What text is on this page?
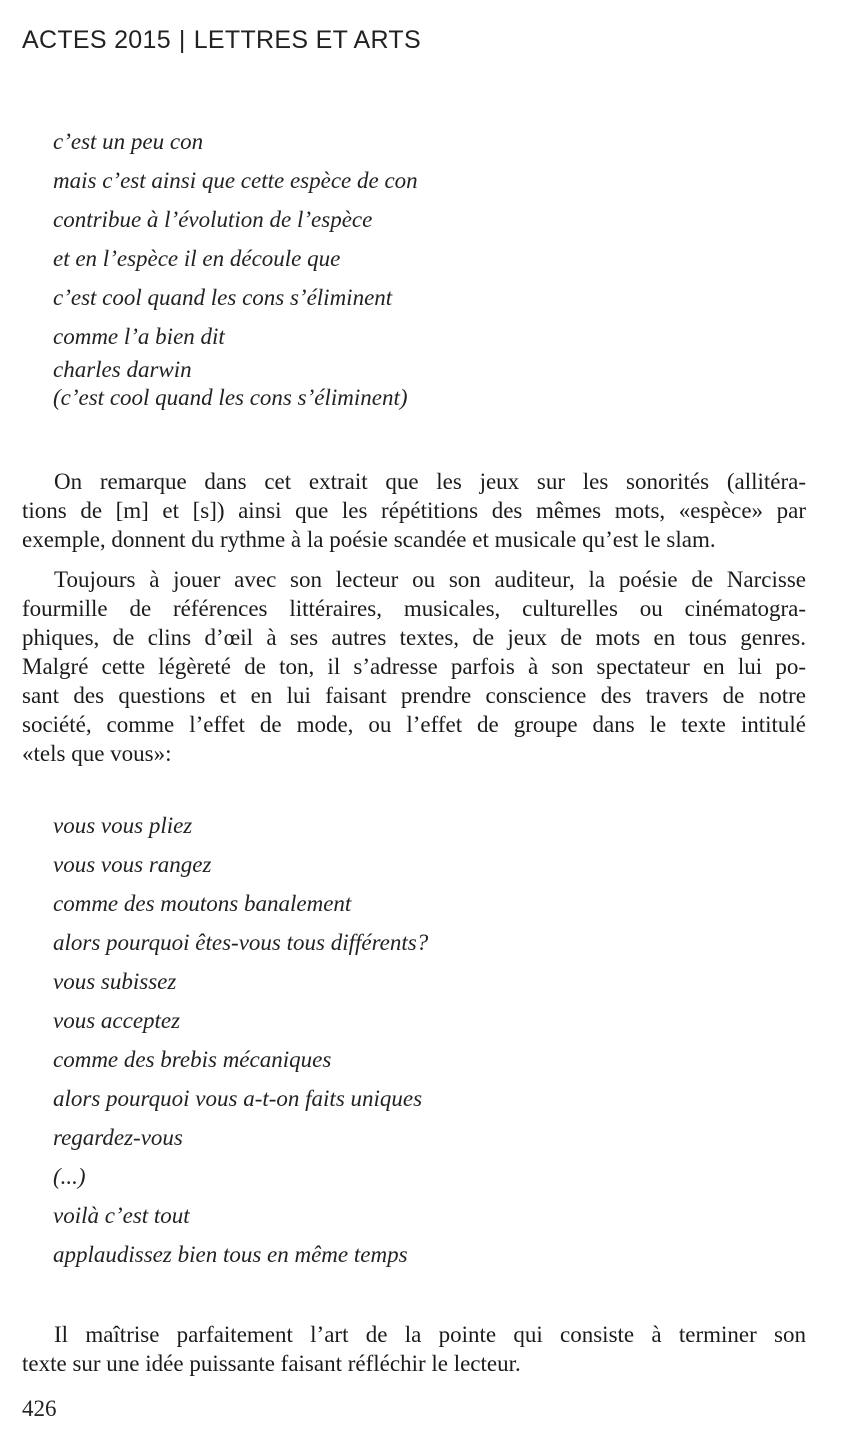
ACTES 2015 | LETTRES ET ARTS
c’est un peu con
mais c’est ainsi que cette espèce de con
contribue à l’évolution de l’espèce
et en l’espèce il en découle que
c’est cool quand les cons s’éliminent
comme l’a bien dit
charles darwin
(c’est cool quand les cons s’éliminent)
On remarque dans cet extrait que les jeux sur les sonorités (allitéra-
tions de [m] et [s]) ainsi que les répétitions des mêmes mots, «espèce» par
exemple, donnent du rythme à la poésie scandée et musicale qu’est le slam.
Toujours à jouer avec son lecteur ou son auditeur, la poésie de Narcisse
fourmille de références littéraires, musicales, culturelles ou cinématogra-
phiques, de clins d’œil à ses autres textes, de jeux de mots en tous genres.
Malgré cette légèreté de ton, il s’adresse parfois à son spectateur en lui po-
sant des questions et en lui faisant prendre conscience des travers de notre
société, comme l’effet de mode, ou l’effet de groupe dans le texte intitulé
«tels que vous»:
vous vous pliez
vous vous rangez
comme des moutons banalement
alors pourquoi êtes-vous tous différents?
vous subissez
vous acceptez
comme des brebis mécaniques
alors pourquoi vous a-t-on faits uniques
regardez-vous
(...)
voilà c’est tout
applaudissez bien tous en même temps
Il maîtrise parfaitement l’art de la pointe qui consiste à terminer son
texte sur une idée puissante faisant réfléchir le lecteur.
426
